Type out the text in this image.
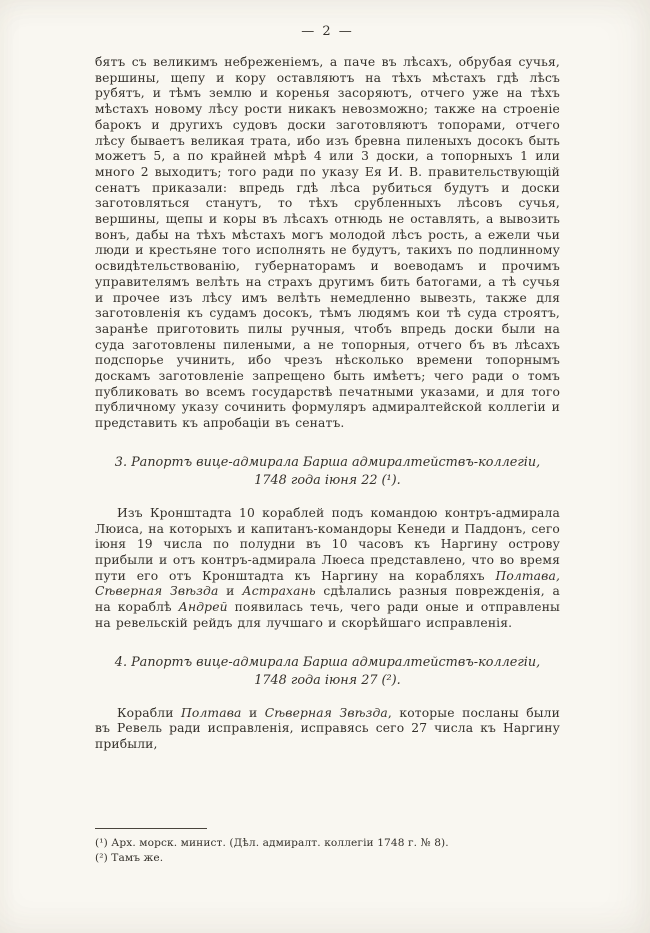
— 2 —

бятъ съ великимъ небреженіемъ, а паче въ лѣсахъ, обрубая сучья, вершины, щепу и кору оставляютъ на тѣхъ мѣстахъ гдѣ лѣсъ рубятъ, и тѣмъ землю и коренья засоряютъ, отчего уже на тѣхъ мѣстахъ новому лѣсу рости никакъ невозможно; также на строеніе барокъ и другихъ судовъ доски заготовляютъ топорами, отчего лѣсу бываетъ великая трата, ибо изъ бревна пиленыхъ досокъ быть можетъ 5, а по крайней мѣрѣ 4 или 3 доски, а топорныхъ 1 или много 2 выходитъ; того ради по указу Ея И. В. правительствующій сенатъ приказали: впредь гдѣ лѣса рубиться будутъ и доски заготовляться станутъ, то тѣхъ срубленныхъ лѣсовъ сучья, вершины, щепы и коры въ лѣсахъ отнюдь не оставлять, а вывозить вонъ, дабы на тѣхъ мѣстахъ могъ молодой лѣсъ рость, а ежели чьи люди и крестьяне того исполнять не будутъ, такихъ по подлинному освидѣтельствованію, губернаторамъ и воеводамъ и прочимъ управителямъ велѣть на страхъ другимъ бить батогами, а тѣ сучья и прочее изъ лѣсу имъ велѣть немедленно вывезть, также для заготовленія къ судамъ досокъ, тѣмъ людямъ кои тѣ суда строятъ, заранѣе приготовить пилы ручныя, чтобъ впредь доски были на суда заготовлены пилеными, а не топорныя, отчего бъ въ лѣсахъ подспорье учинить, ибо чрезъ нѣсколько времени топорнымъ доскамъ заготовленіе запрещено быть имѣетъ; чего ради о томъ публиковать во всемъ государствѣ печатными указами, и для того публичному указу сочинить формуляръ адмиралтейской коллегіи и представить къ апробаціи въ сенатъ.

3. Рапортъ вице-адмирала Барша адмиралтействъ-коллегіи,
1748 года іюня 22 (¹).

Изъ Кронштадта 10 кораблей подъ командою контръ-адмирала Люиса, на которыхъ и капитанъ-командоры Кенеди и Паддонъ, сего іюня 19 числа по полудни въ 10 часовъ къ Наргину острову прибыли и отъ контръ-адмирала Люеса представлено, что во время пути его отъ Кронштадта къ Наргину на корабляхъ Полтава, Сѣверная Звѣзда и Астрахань сдѣлались разныя поврежденія, а на кораблѣ Андрей появилась течь, чего ради оные и отправлены на ревельскій рейдъ для лучшаго и скорѣйшаго исправленія.

4. Рапортъ вице-адмирала Барша адмиралтействъ-коллегіи,
1748 года іюня 27 (²).

Корабли Полтава и Сѣверная Звѣзда, которые посланы были въ Ревель ради исправленія, исправясь сего 27 числа къ Наргину прибыли,

(¹) Арх. морск. минист. (Дѣл. адмиралт. коллегіи 1748 г. № 8).
(²) Тамъ же.
